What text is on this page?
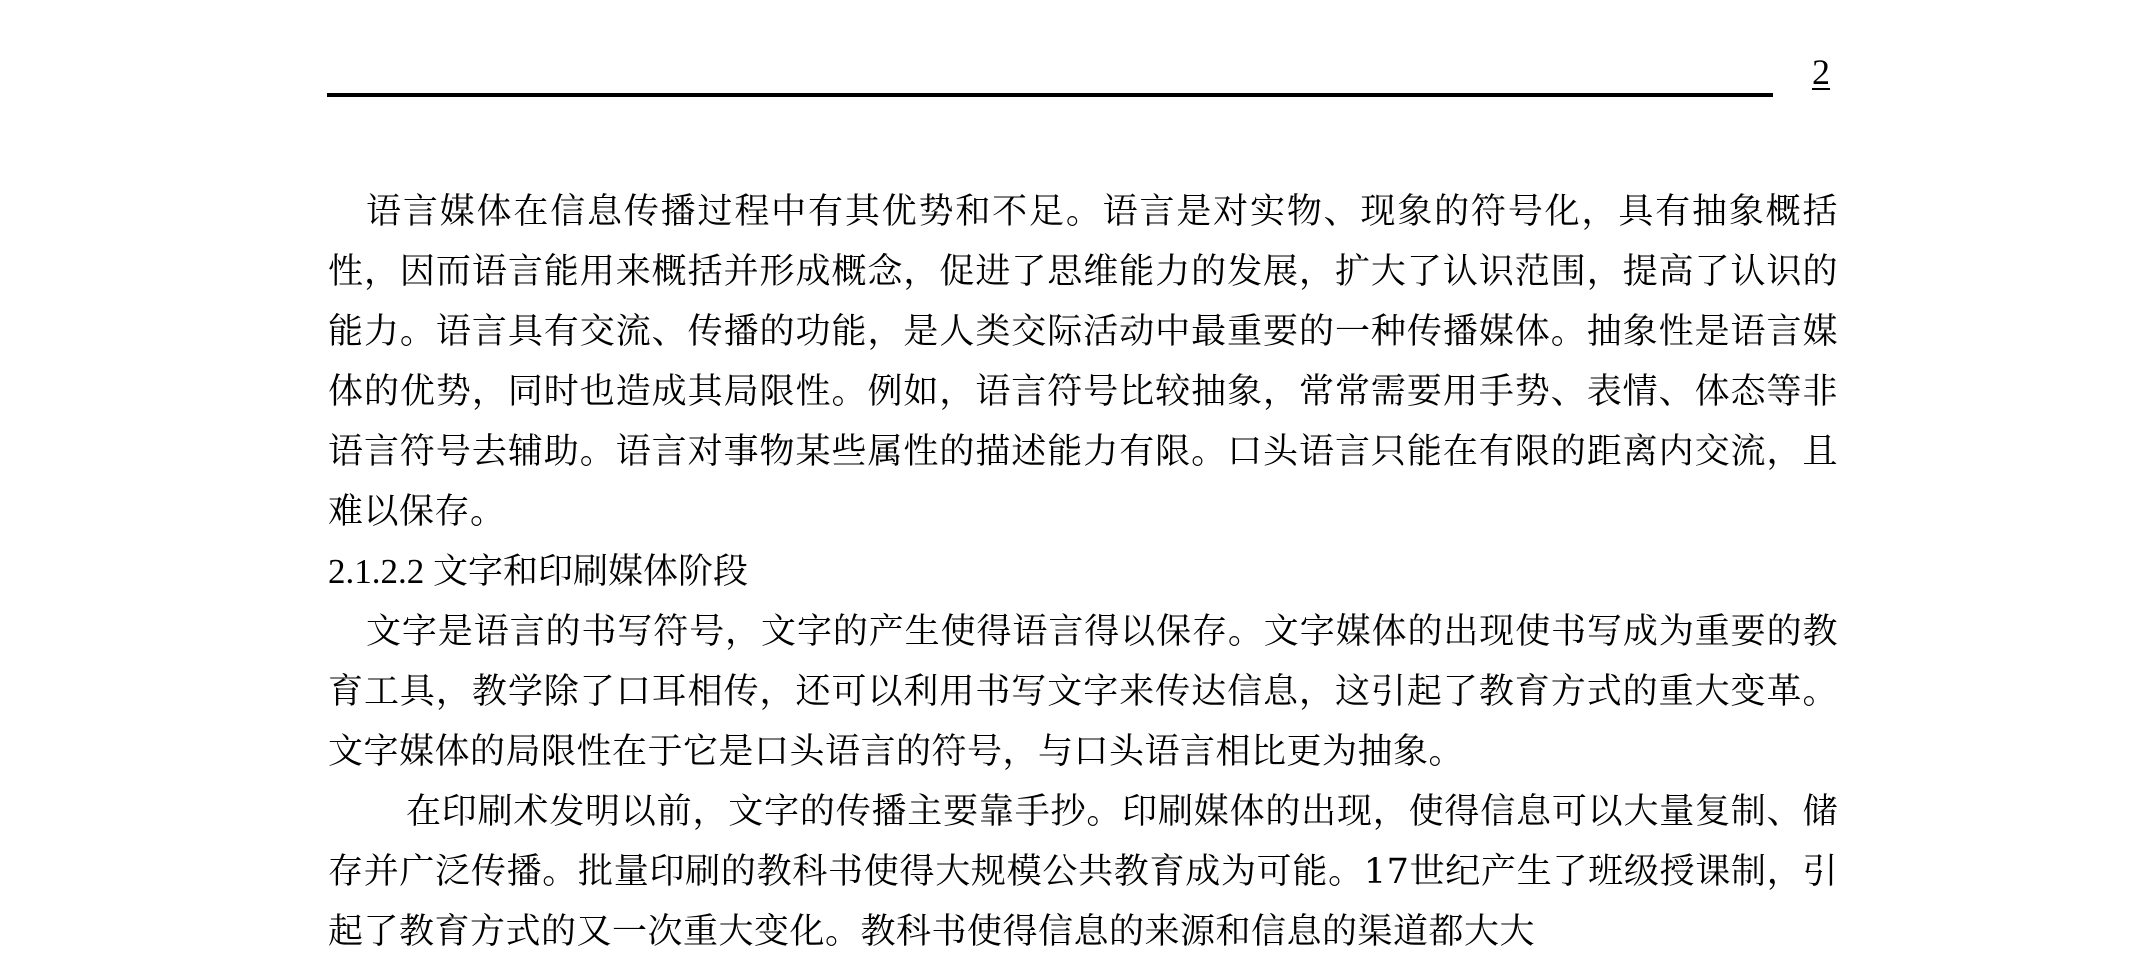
2

语言媒体在信息传播过程中有其优势和不足。语言是对实物、现象的符号化，具有抽象概括性，因而语言能用来概括并形成概念，促进了思维能力的发展，扩大了认识范围，提高了认识的能力。语言具有交流、传播的功能，是人类交际活动中最重要的一种传播媒体。抽象性是语言媒体的优势，同时也造成其局限性。例如，语言符号比较抽象，常常需要用手势、表情、体态等非语言符号去辅助。语言对事物某些属性的描述能力有限。口头语言只能在有限的距离内交流，且难以保存。

2.1.2.2 文字和印刷媒体阶段

文字是语言的书写符号，文字的产生使得语言得以保存。文字媒体的出现使书写成为重要的教育工具，教学除了口耳相传，还可以利用书写文字来传达信息，这引起了教育方式的重大变革。文字媒体的局限性在于它是口头语言的符号，与口头语言相比更为抽象。

在印刷术发明以前，文字的传播主要靠手抄。印刷媒体的出现，使得信息可以大量复制、储存并广泛传播。批量印刷的教科书使得大规模公共教育成为可能。17世纪产生了班级授课制，引起了教育方式的又一次重大变化。教科书使得信息的来源和信息的渠道都大大
